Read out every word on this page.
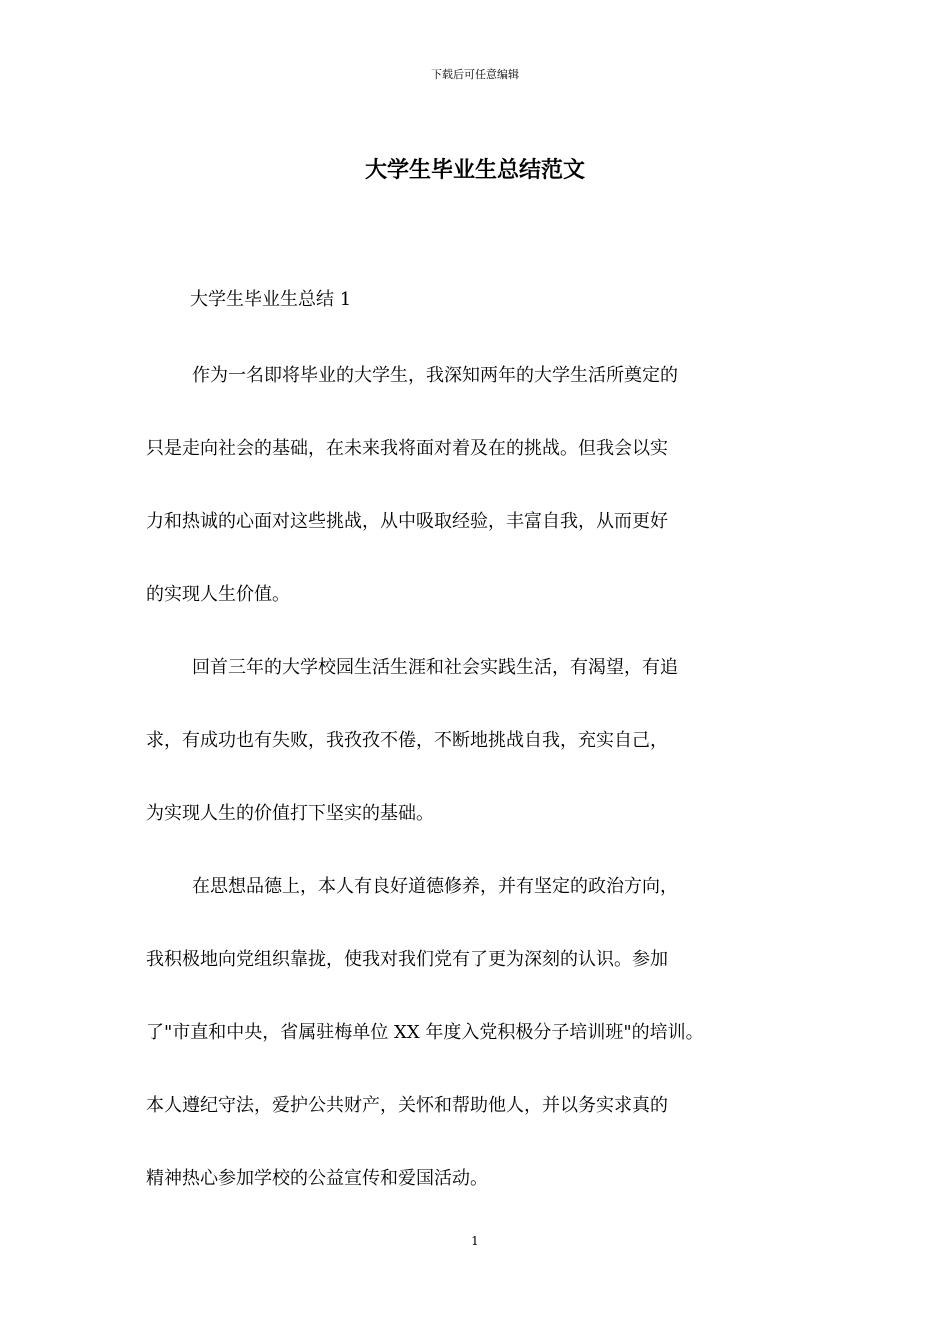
下载后可任意编辑
大学生毕业生总结范文
大学生毕业生总结 1

作为一名即将毕业的大学生，我深知两年的大学生活所奠定的
只是走向社会的基础，在未来我将面对着及在的挑战。但我会以实
力和热诚的心面对这些挑战，从中吸取经验，丰富自我，从而更好
的实现人生价值。

回首三年的大学校园生活生涯和社会实践生活，有渴望，有追
求，有成功也有失败，我孜孜不倦，不断地挑战自我，充实自己，
为实现人生的价值打下坚实的基础。

在思想品德上，本人有良好道德修养，并有坚定的政治方向，
我积极地向党组织靠拢，使我对我们党有了更为深刻的认识。参加
了"市直和中央，省属驻梅单位 XX 年度入党积极分子培训班"的培训。
本人遵纪守法，爱护公共财产，关怀和帮助他人，并以务实求真的
精神热心参加学校的公益宣传和爱国活动。

1
